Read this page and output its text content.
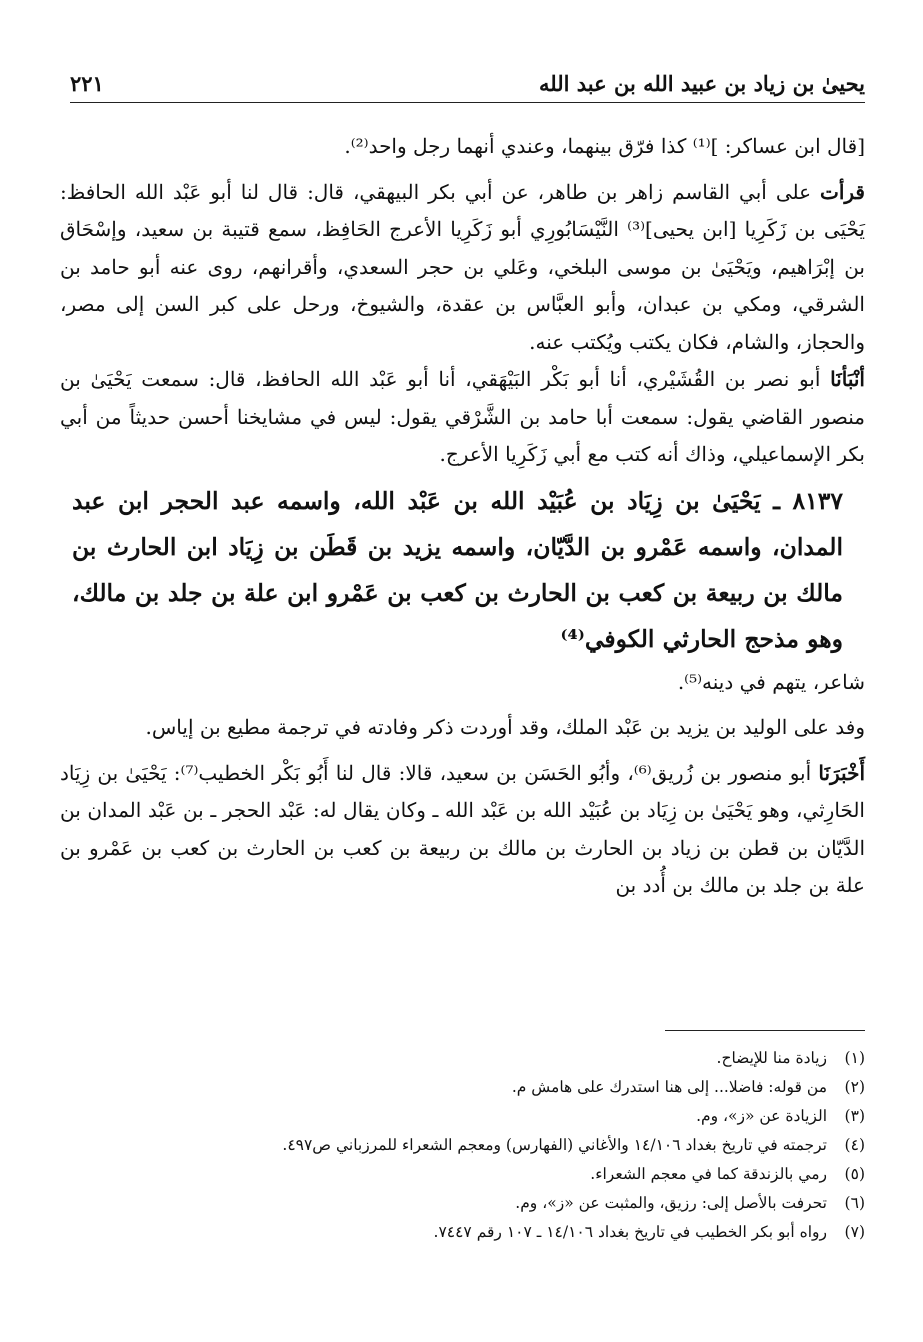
يحيىٰ بن زياد بن عبيد الله بن عبد الله
٢٢١

[قال ابن عساكر: ]⁽¹⁾ كذا فرّق بينهما، وعندي أنهما رجل واحد⁽²⁾.

قرأت على أبي القاسم زاهر بن طاهر، عن أبي بكر البيهقي، قال: قال لنا أبو عَبْد الله الحافظ: يَحْيَى بن زَكَرِيا [ابن يحيى]⁽³⁾ النَّيْسَابُورِي أبو زَكَرِيا الأعرج الحَافِظ، سمع قتيبة بن سعيد، وإسْحَاق بن إبْرَاهيم، ويَحْيَىٰ بن موسى البلخي، وعَلي بن حجر السعدي، وأقرانهم، روى عنه أبو حامد بن الشرقي، ومكي بن عبدان، وأبو العبَّاس بن عقدة، والشيوخ، ورحل على كبر السن إلى مصر، والحجاز، والشام، فكان يكتب ويُكتب عنه.

أنْبَأنَا أبو نصر بن القُشَيْري، أنا أبو بَكْر البَيْهَقي، أنا أبو عَبْد الله الحافظ، قال: سمعت يَحْيَىٰ بن منصور القاضي يقول: سمعت أبا حامد بن الشَّرْقي يقول: ليس في مشايخنا أحسن حديثاً من أبي بكر الإسماعيلي، وذاك أنه كتب مع أبي زَكَرِيا الأعرج.

٨١٣٧ ـ يَحْيَىٰ بن زِيَاد بن عُبَيْد الله بن عَبْد الله، واسمه عبد الحجر ابن عبد المدان، واسمه عَمْرو بن الدَّيّان، واسمه يزيد بن قَطَن بن زِيَاد ابن الحارث بن مالك بن ربيعة بن كعب بن الحارث بن كعب بن عَمْرو ابن علة بن جلد بن مالك، وهو مذحج الحارثي الكوفي⁽⁴⁾

شاعر، يتهم في دينه⁽⁵⁾.

وفد على الوليد بن يزيد بن عَبْد الملك، وقد أوردت ذكر وفادته في ترجمة مطيع بن إياس.

أَخْبَرَنَا أبو منصور بن زُريق⁽⁶⁾، وأبُو الحَسَن بن سعيد، قالا: قال لنا أَبُو بَكْر الخطيب⁽⁷⁾: يَحْيَىٰ بن زِيَاد الحَارِثي، وهو يَحْيَىٰ بن زِيَاد بن عُبَيْد الله بن عَبْد الله ـ وكان يقال له: عَبْد الحجر ـ بن عَبْد المدان بن الدَّيّان بن قطن بن زياد بن الحارث بن مالك بن ربيعة بن كعب بن الحارث بن كعب بن عَمْرو بن علة بن جلد بن مالك بن أُدد بن

(١)
زيادة منا للإيضاح.
(٢)
من قوله: فاضلا... إلى هنا استدرك على هامش م.
(٣)
الزيادة عن «ز»، وم.
(٤)
ترجمته في تاريخ بغداد ١٤/١٠٦ والأغاني (الفهارس) ومعجم الشعراء للمرزباني ص٤٩٧.
(٥)
رمي بالزندقة كما في معجم الشعراء.
(٦)
تحرفت بالأصل إلى: رزيق، والمثبت عن «ز»، وم.
(٧)
رواه أبو بكر الخطيب في تاريخ بغداد ١٤/١٠٦ ـ ١٠٧ رقم ٧٤٤٧.
